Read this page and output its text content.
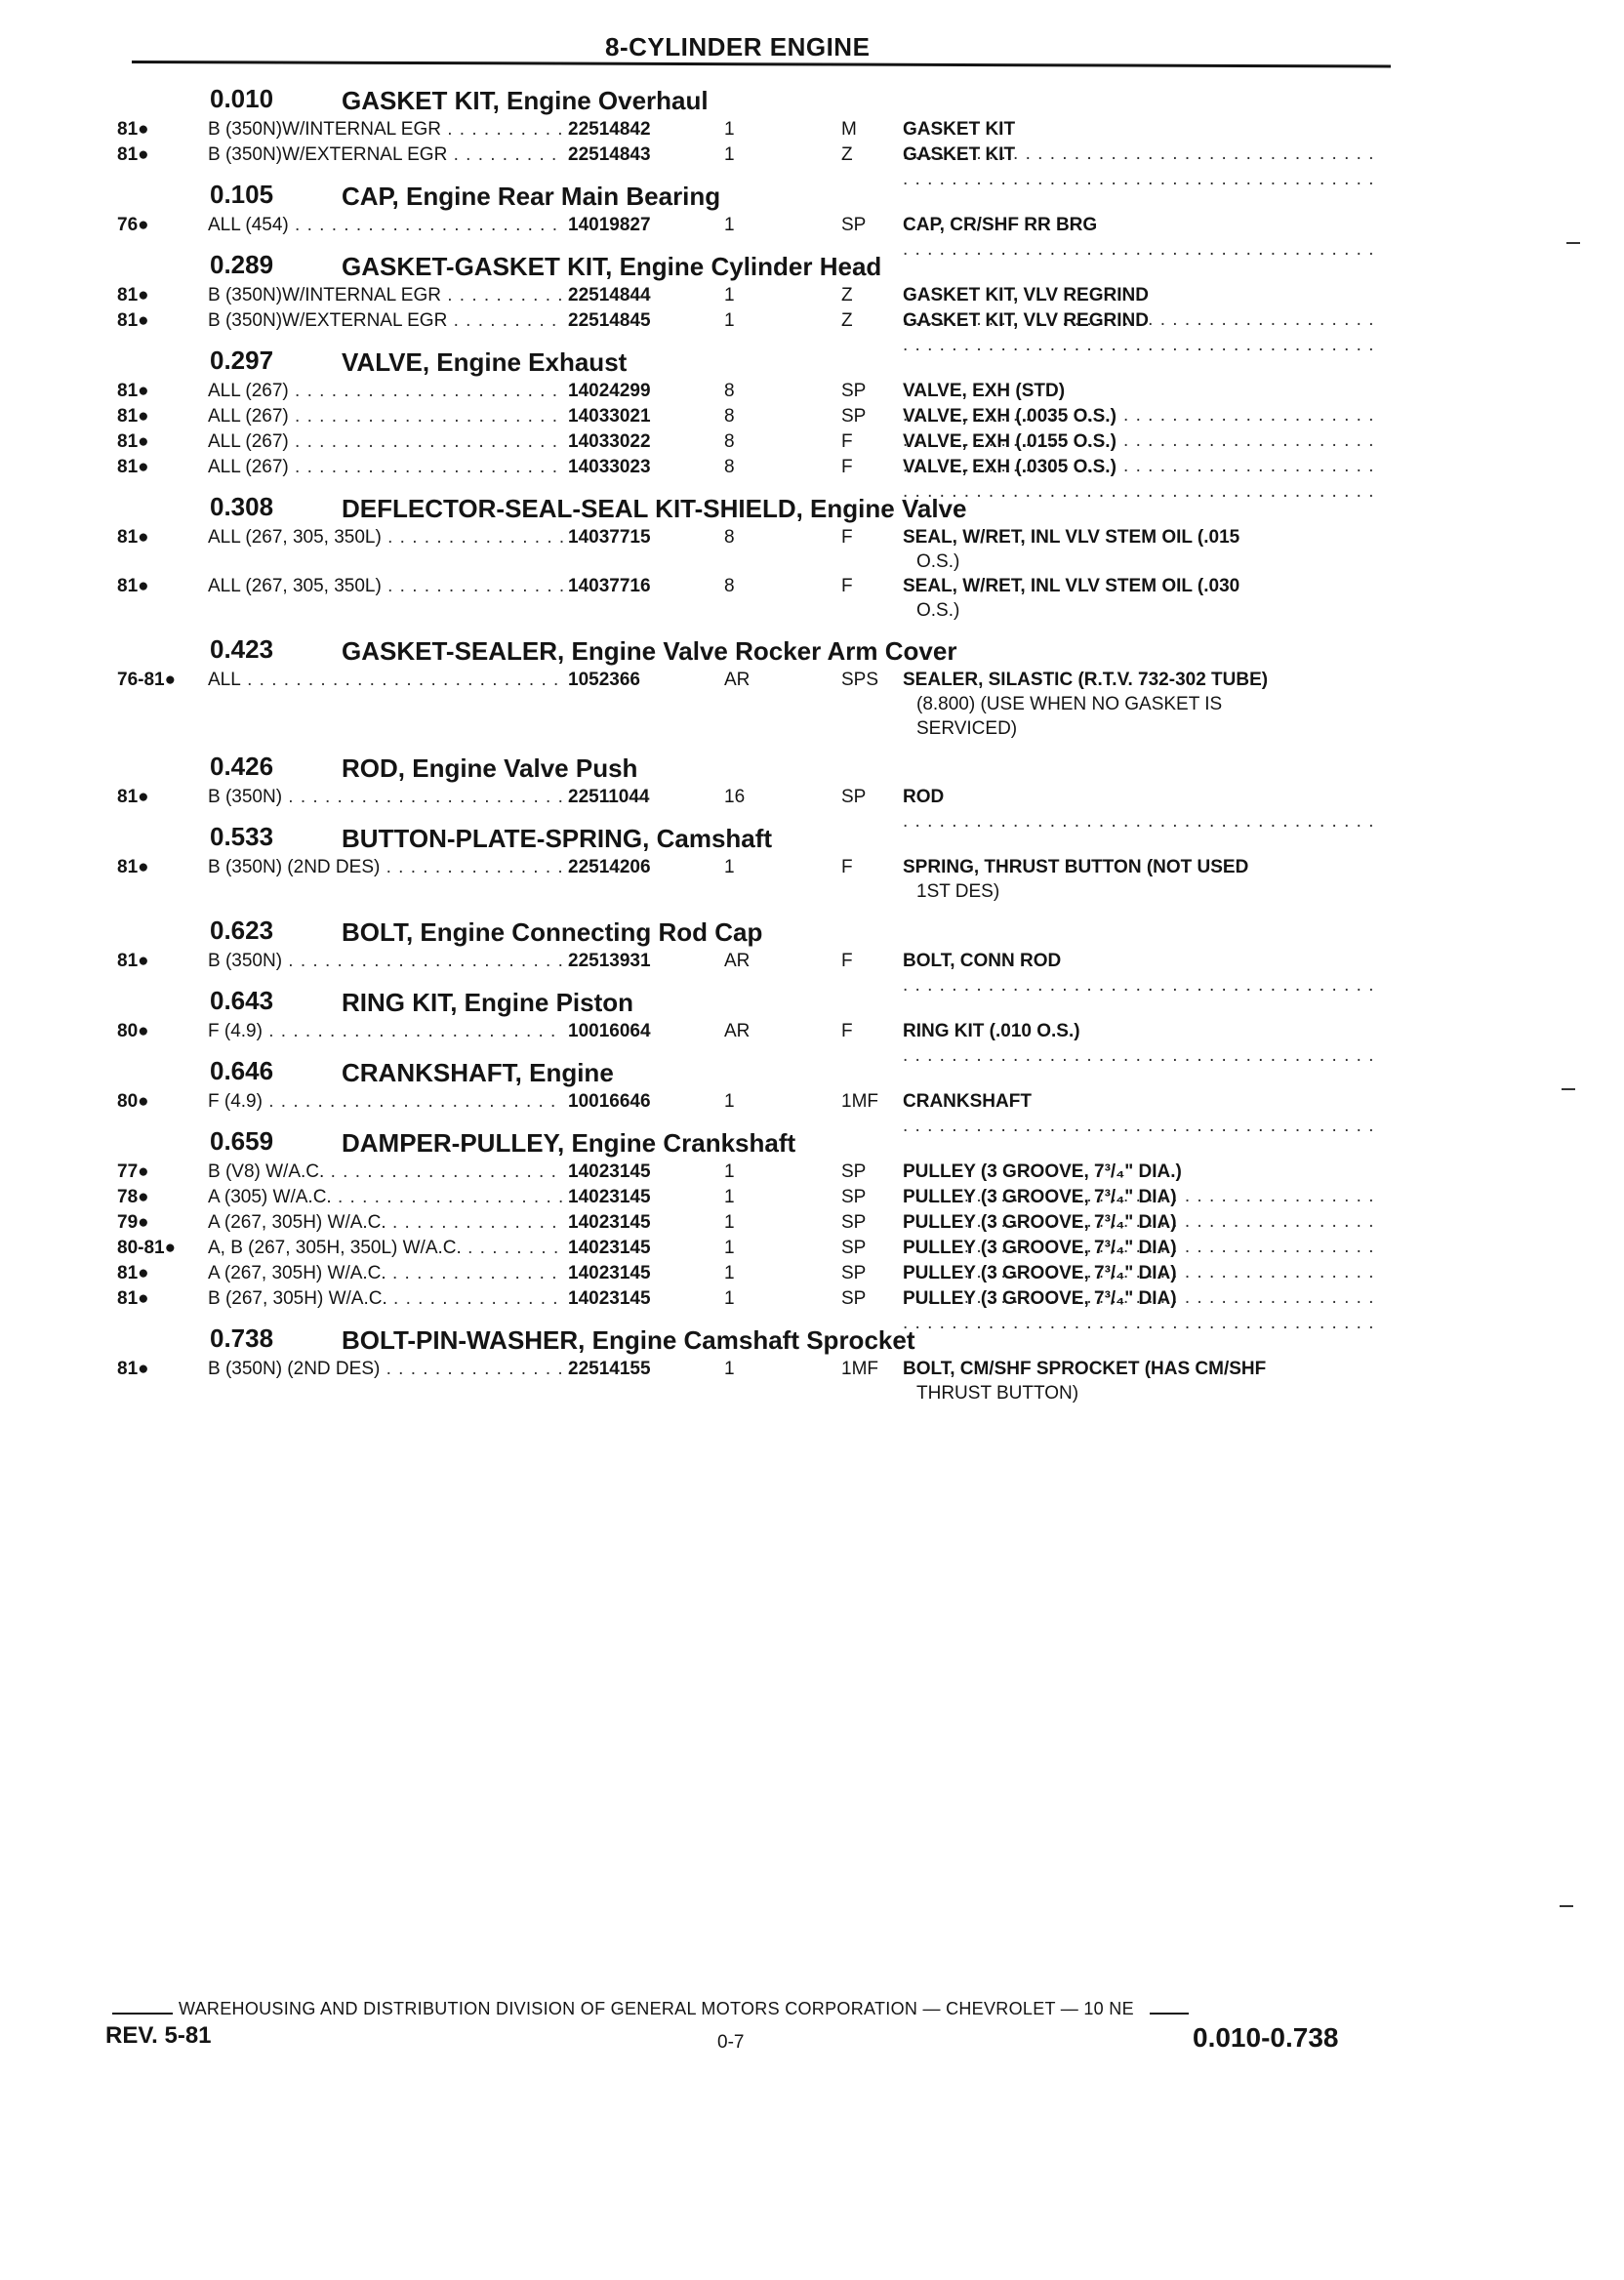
8-CYLINDER ENGINE
0.010	GASKET KIT, Engine Overhaul
81●	B (350N)W/INTERNAL EGR . . .	22514842	1	M GASKET KIT
. . .
81●	B (350N)W/EXTERNAL EGR . . .	22514843	1	Z	GASKET KIT
. . .
0.105	CAP, Engine Rear Main Bearing
76●	ALL (454) . . .	14019827	1	SP CAP, CR/SHF RR BRG
. . .
0.289	GASKET-GASKET KIT, Engine Cylinder Head
81●	B (350N)W/INTERNAL EGR . . .	22514844	1	Z	GASKET KIT, VLV REGRIND
. . .
81●	B (350N)W/EXTERNAL EGR . . .	22514845	1	Z	GASKET KIT, VLV REGRIND
. . .
0.297	VALVE, Engine Exhaust
81●	ALL (267) . . .	14024299	8	SP VALVE, EXH (STD)
. . .
81●	ALL (267) . . .	14033021	8	SP VALVE, EXH (.0035 O.S.)
. . .
81●	ALL (267) . . .	14033022	8	F	VALVE, EXH (.0155 O.S.)
. . .
81●	ALL (267) . . .	14033023	8	F	VALVE, EXH (.0305 O.S.)
. . .
0.308	DEFLECTOR-SEAL-SEAL KIT-SHIELD, Engine Valve
81●	ALL (267, 305, 350L) . . .	14037715	8	F	SEAL, W/RET, INL VLV STEM OIL (.015
O.S.)
81●	ALL (267, 305, 350L) . . .	14037716	8	F	SEAL, W/RET, INL VLV STEM OIL (.030
O.S.)
0.423	GASKET-SEALER, Engine Valve Rocker Arm Cover
76-81● ALL . . .	1052366	AR	SPS SEALER, SILASTIC (R.T.V. 732-302 TUBE)
(8.800) (USE WHEN NO GASKET IS
SERVICED)
0.426	ROD, Engine Valve Push
81●	B (350N) . . .	22511044	16	SP ROD
. . .
0.533	BUTTON-PLATE-SPRING, Camshaft
81●	B (350N) (2ND DES) . . .	22514206	1	F	SPRING, THRUST BUTTON (NOT USED
1ST DES)
0.623	BOLT, Engine Connecting Rod Cap
81●	B (350N) . . .	22513931	AR	F	BOLT, CONN ROD
. . .
0.643	RING KIT, Engine Piston
80●	F (4.9) . . .	10016064	AR	F	RING KIT (.010 O.S.)
. . .
0.646	CRANKSHAFT, Engine
80●	F (4.9) . . .	10016646	1	1MF CRANKSHAFT
. . .
0.659	DAMPER-PULLEY, Engine Crankshaft
77●	B (V8) W/A.C. . . .	14023145	1	SP PULLEY (3 GROOVE, 7³/₄" DIA.)
. . .
78●	A (305) W/A.C. . . .	14023145	1	SP PULLEY (3 GROOVE, 7³/₄" DIA)
. . .
79●	A (267, 305H) W/A.C. . . .	14023145	1	SP PULLEY (3 GROOVE, 7³/₄" DIA)
. . .
80-81● A, B (267, 305H, 350L) W/A.C. . . .	14023145	1	SP PULLEY (3 GROOVE, 7³/₄" DIA)
. . .
81●	A (267, 305H) W/A.C. . . .	14023145	1	SP PULLEY (3 GROOVE, 7³/₄" DIA)
. . .
81●	B (267, 305H) W/A.C. . . .	14023145	1	SP PULLEY (3 GROOVE, 7³/₄" DIA)
. . .
0.738	BOLT-PIN-WASHER, Engine Camshaft Sprocket
81●	B (350N) (2ND DES) . . .	22514155	1	1MF BOLT, CM/SHF SPROCKET (HAS CM/SHF
THRUST BUTTON)
WAREHOUSING AND DISTRIBUTION DIVISION OF GENERAL MOTORS CORPORATION — CHEVROLET — 10 NE
REV. 5-81	0-7	0.010-0.738
